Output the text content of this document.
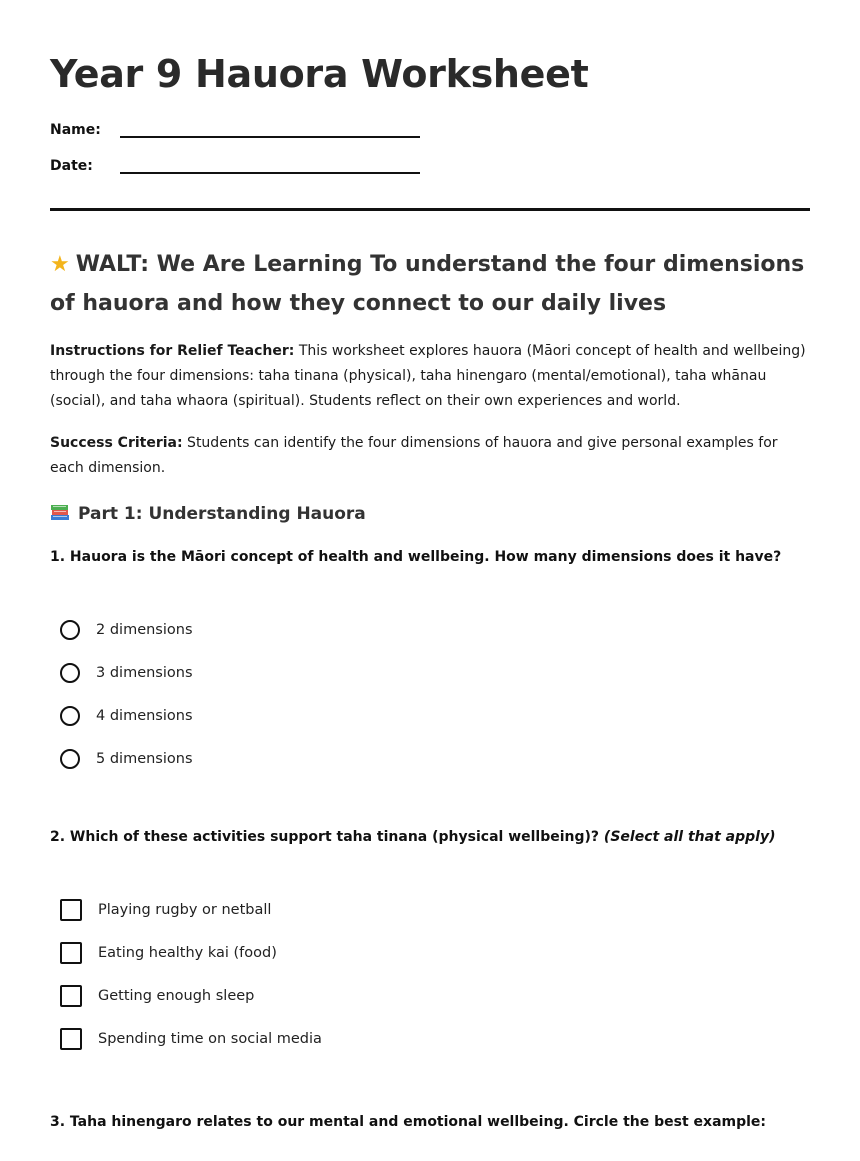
Year 9 Hauora Worksheet
Name:
Date:
★ WALT: We Are Learning To understand the four dimensions of hauora and how they connect to our daily lives

Instructions for Relief Teacher: This worksheet explores hauora (Māori concept of health and wellbeing) through the four dimensions: taha tinana (physical), taha hinengaro (mental/emotional), taha whānau (social), and taha whaora (spiritual). Students reflect on their own experiences and world.

Success Criteria: Students can identify the four dimensions of hauora and give personal examples for each dimension.

Part 1: Understanding Hauora

1. Hauora is the Māori concept of health and wellbeing. How many dimensions does it have?

2 dimensions
3 dimensions
4 dimensions
5 dimensions

2. Which of these activities support taha tinana (physical wellbeing)? (Select all that apply)

Playing rugby or netball
Eating healthy kai (food)
Getting enough sleep
Spending time on social media

3. Taha hinengaro relates to our mental and emotional wellbeing. Circle the best example:
